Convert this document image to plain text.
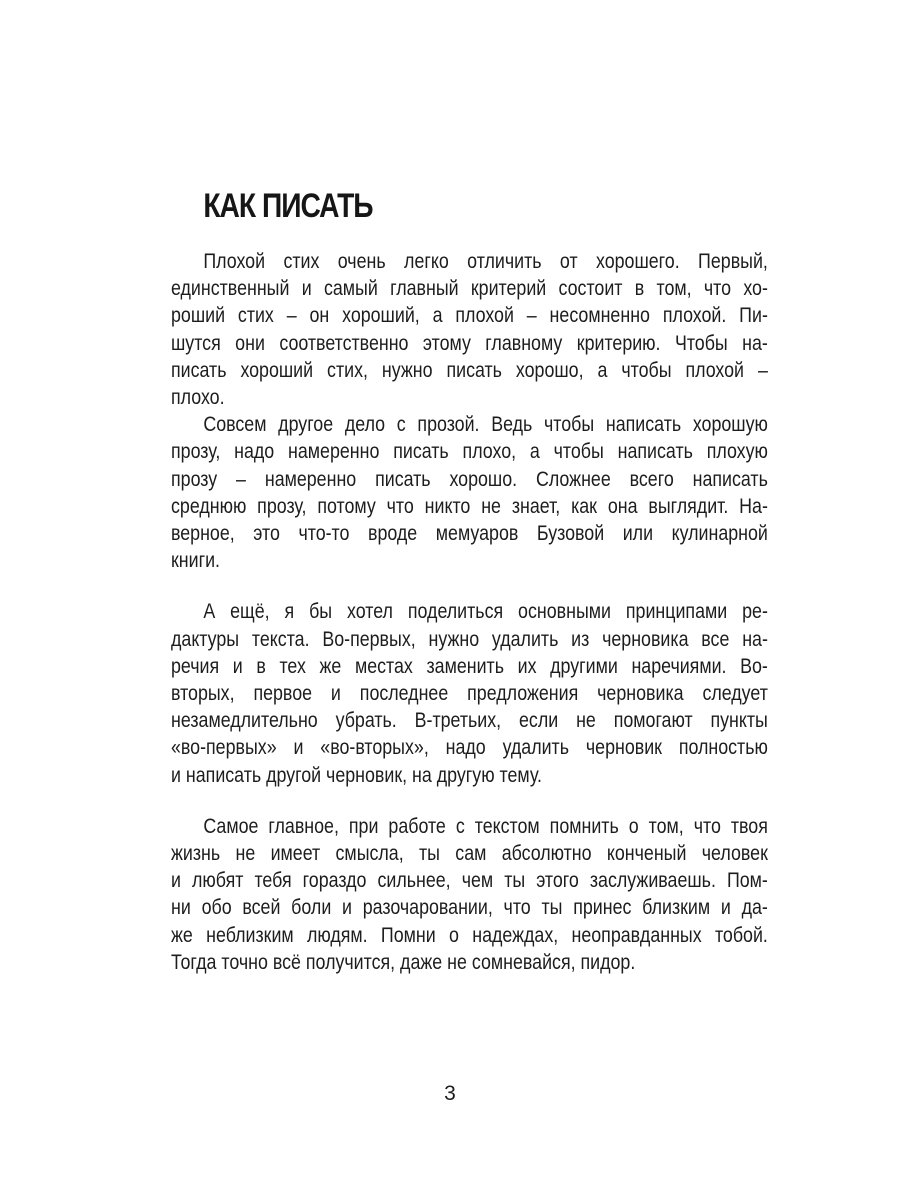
КАК ПИСАТЬ
Плохой стих очень легко отличить от хорошего. Первый,
единственный и самый главный критерий состоит в том, что хо-
роший стих – он хороший, а плохой – несомненно плохой. Пи-
шутся они соответственно этому главному критерию. Чтобы на-
писать хороший стих, нужно писать хорошо, а чтобы плохой –
плохо.
Совсем другое дело с прозой. Ведь чтобы написать хорошую
прозу, надо намеренно писать плохо, а чтобы написать плохую
прозу – намеренно писать хорошо. Сложнее всего написать
среднюю прозу, потому что никто не знает, как она выглядит. На-
верное, это что-то вроде мемуаров Бузовой или кулинарной
книги.
А ещё, я бы хотел поделиться основными принципами ре-
дактуры текста. Во-первых, нужно удалить из черновика все на-
речия и в тех же местах заменить их другими наречиями. Во-
вторых, первое и последнее предложения черновика следует
незамедлительно убрать. В-третьих, если не помогают пункты
«во-первых» и «во-вторых», надо удалить черновик полностью
и написать другой черновик, на другую тему.
Самое главное, при работе с текстом помнить о том, что твоя
жизнь не имеет смысла, ты сам абсолютно конченый человек
и любят тебя гораздо сильнее, чем ты этого заслуживаешь. Пом-
ни обо всей боли и разочаровании, что ты принес близким и да-
же неблизким людям. Помни о надеждах, неоправданных тобой.
Тогда точно всё получится, даже не сомневайся, пидор.
3
